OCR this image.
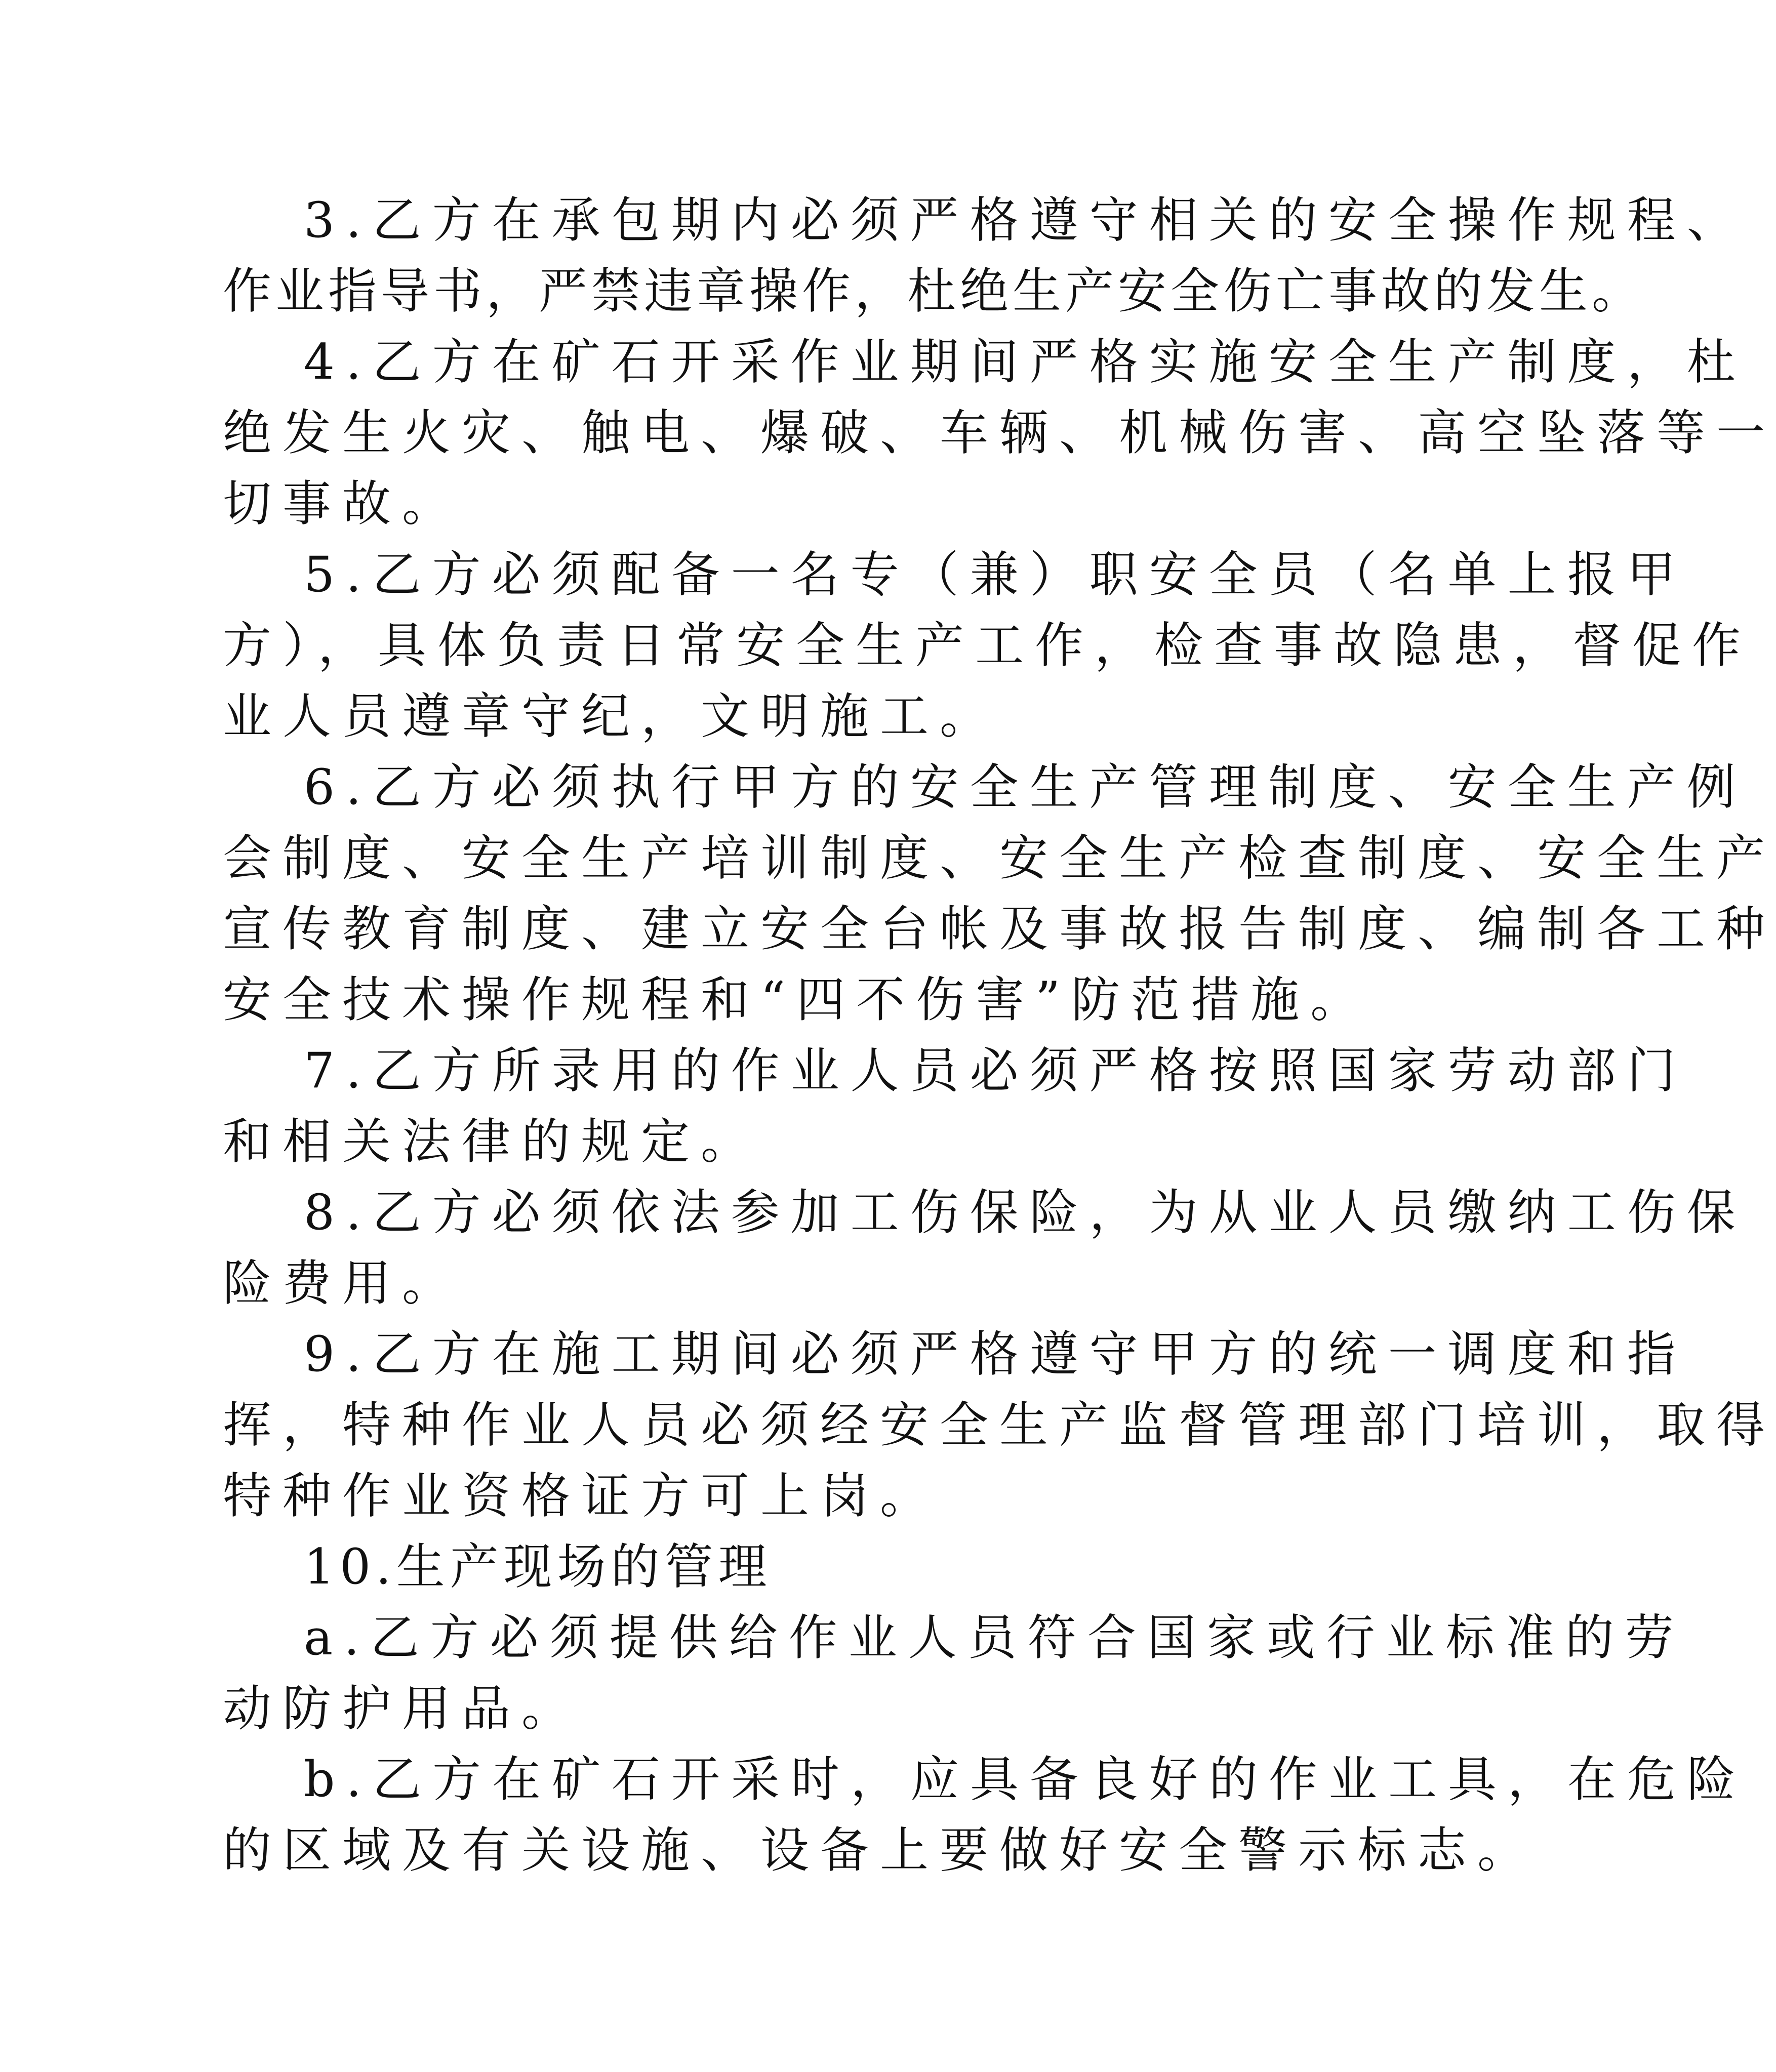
3.乙方在承包期内必须严格遵守相关的安全操作规程、
作业指导书，严禁违章操作，杜绝生产安全伤亡事故的发生。
4.乙方在矿石开采作业期间严格实施安全生产制度，杜
绝发生火灾、触电、爆破、车辆、机械伤害、高空坠落等一
切事故。
5.乙方必须配备一名专（兼）职安全员（名单上报甲
方），具体负责日常安全生产工作，检查事故隐患，督促作
业人员遵章守纪，文明施工。
6.乙方必须执行甲方的安全生产管理制度、安全生产例
会制度、安全生产培训制度、安全生产检查制度、安全生产
宣传教育制度、建立安全台帐及事故报告制度、编制各工种
安全技术操作规程和“四不伤害”防范措施。
7.乙方所录用的作业人员必须严格按照国家劳动部门
和相关法律的规定。
8.乙方必须依法参加工伤保险，为从业人员缴纳工伤保
险费用。
9.乙方在施工期间必须严格遵守甲方的统一调度和指
挥，特种作业人员必须经安全生产监督管理部门培训，取得
特种作业资格证方可上岗。
10.生产现场的管理
a.乙方必须提供给作业人员符合国家或行业标准的劳
动防护用品。
b.乙方在矿石开采时，应具备良好的作业工具，在危险
的区域及有关设施、设备上要做好安全警示标志。
